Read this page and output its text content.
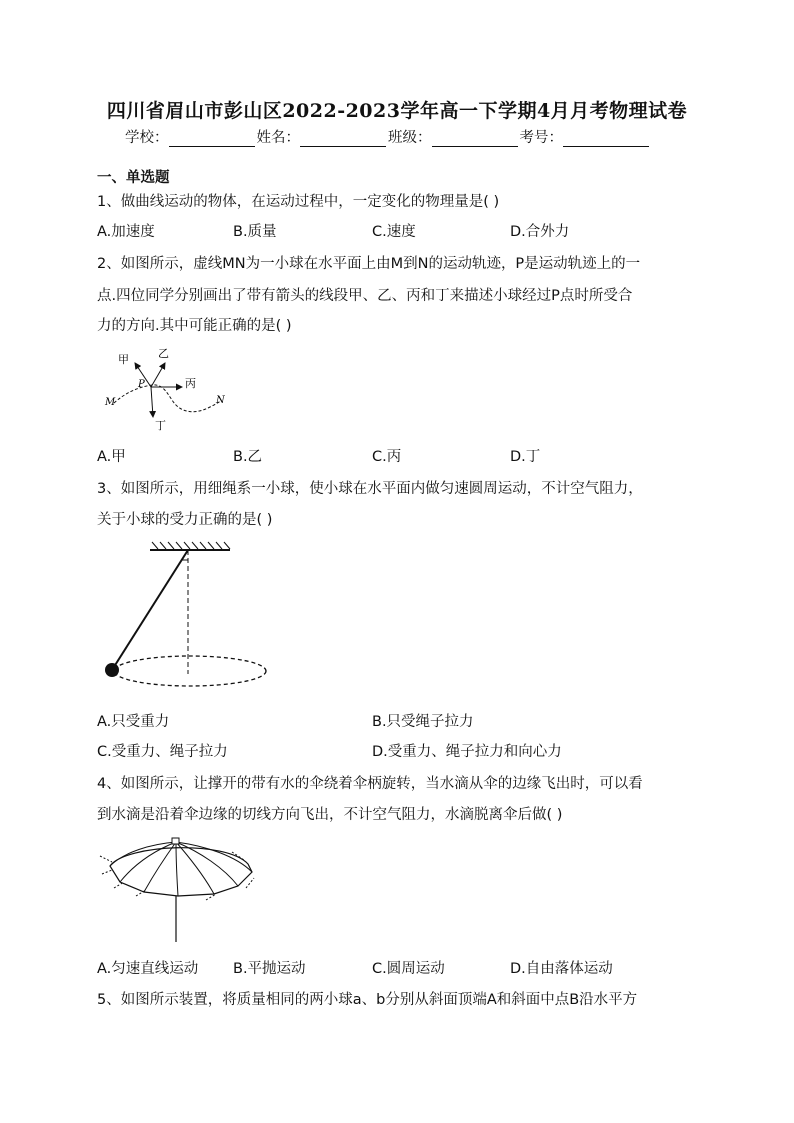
四川省眉山市彭山区2022-2023学年高一下学期4月月考物理试卷
学校：	姓名：	班级：	考号：
一、单选题
1、做曲线运动的物体，在运动过程中，一定变化的物理量是( )
A.加速度	B.质量	C.速度	D.合外力
2、如图所示，虚线MN为一小球在水平面上由M到N的运动轨迹，P是运动轨迹上的一
点.四位同学分别画出了带有箭头的线段甲、乙、丙和丁来描述小球经过P点时所受合
力的方向.其中可能正确的是( )
甲	乙
丙
丁
P
M	N
A.甲	B.乙	C.丙	D.丁
3、如图所示，用细绳系一小球，使小球在水平面内做匀速圆周运动，不计空气阻力，
关于小球的受力正确的是( )
A.只受重力	B.只受绳子拉力
C.受重力、绳子拉力	D.受重力、绳子拉力和向心力
4、如图所示，让撑开的带有水的伞绕着伞柄旋转，当水滴从伞的边缘飞出时，可以看
到水滴是沿着伞边缘的切线方向飞出，不计空气阻力，水滴脱离伞后做( )
A.匀速直线运动 B.平抛运动	C.圆周运动	D.自由落体运动
5、如图所示装置，将质量相同的两小球a、b分别从斜面顶端A和斜面中点B沿水平方
